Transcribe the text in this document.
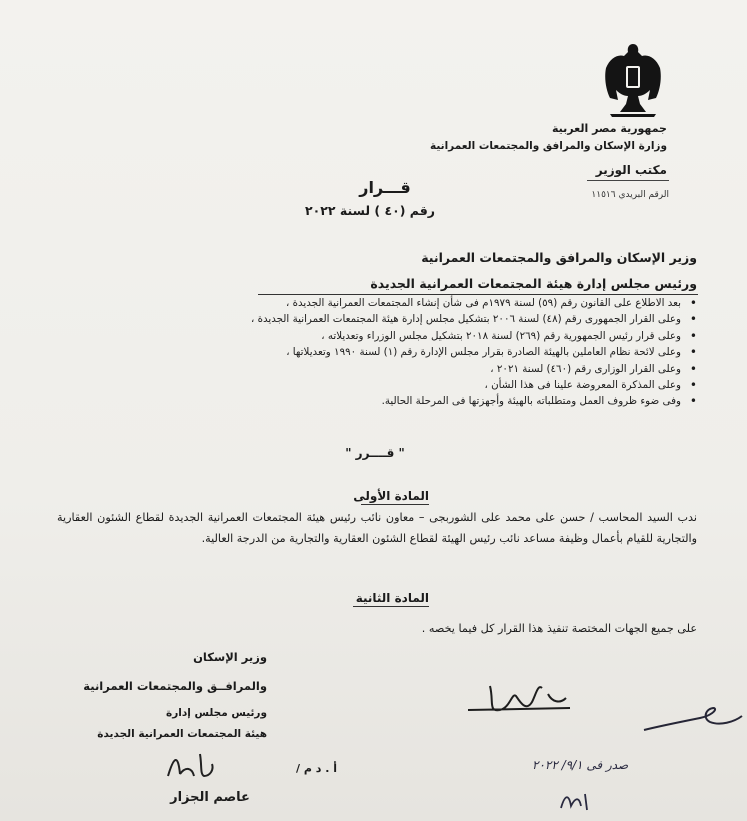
جمهورية مصر العربية
وزارة الإسكان والمرافق والمجتمعات العمرانية
مكتب الوزير
الرقم البريدي ١١٥١٦
قـــرار
رقم (٤٠ ) لسنة ٢٠٢٢
وزير الإسكان والمرافق والمجتمعات العمرانية
ورئيس مجلس إدارة هيئة المجتمعات العمرانية الجديدة
• بعد الاطلاع على القانون رقم (٥٩) لسنة ١٩٧٩م فى شأن إنشاء المجتمعات العمرانية الجديدة ،
• وعلى القرار الجمهورى رقم (٤٨) لسنة ٢٠٠٦ بتشكيل مجلس إدارة هيئة المجتمعات العمرانية الجديدة ،
• وعلى قرار رئيس الجمهورية رقم (٢٦٩) لسنة ٢٠١٨ بتشكيل مجلس الوزراء وتعديلاته ،
• وعلى لائحة نظام العاملين بالهيئة الصادرة بقرار مجلس الإدارة رقم (١) لسنة ١٩٩٠ وتعديلاتها ،
• وعلى القرار الوزارى رقم (٤٦٠) لسنة ٢٠٢١ ،
• وعلى المذكرة المعروضة علينا فى هذا الشأن ،
• وفى ضوء ظروف العمل ومتطلباته بالهيئة وأجهزتها فى المرحلة الحالية.
" قــــرر "
المادة الأولى
ندب السيد المحاسب / حسن على محمد على الشوربجى – معاون نائب رئيس هيئة المجتمعات العمرانية الجديدة لقطاع الشئون العقارية والتجارية للقيام بأعمال وظيفة مساعد نائب رئيس الهيئة لقطاع الشئون العقارية والتجارية من الدرجة العالية.
المادة الثانية
على جميع الجهات المختصة تنفيذ هذا القرار كل فيما يخصه .
وزير الإسكان
والمرافــق والمجتمعات العمرانية
ورئيس مجلس إدارة
هيئة المجتمعات العمرانية الجديدة
أ . د م /
عاصم الجزار
صدر فى ٩/١/ ٢٠٢٢
